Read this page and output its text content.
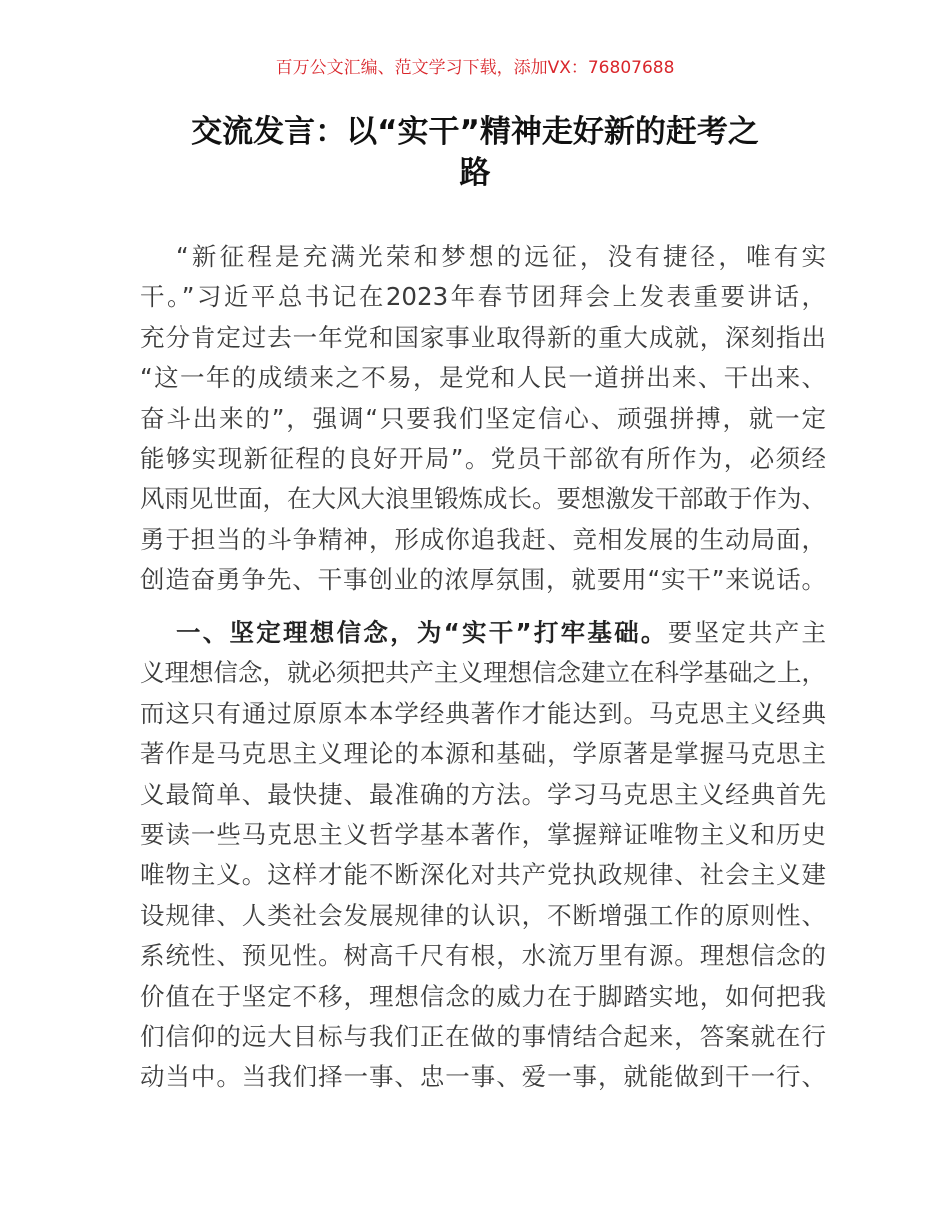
百万公文汇编、范文学习下载，添加VX：76807688
交流发言：以“实干”精神走好新的赶考之
路
“新征程是充满光荣和梦想的远征，没有捷径，唯有实
干。”习近平总书记在2023年春节团拜会上发表重要讲话，
充分肯定过去一年党和国家事业取得新的重大成就，深刻指出
“这一年的成绩来之不易，是党和人民一道拼出来、干出来、
奋斗出来的”，强调“只要我们坚定信心、顽强拼搏，就一定
能够实现新征程的良好开局”。党员干部欲有所作为，必须经
风雨见世面，在大风大浪里锻炼成长。要想激发干部敢于作为、
勇于担当的斗争精神，形成你追我赶、竞相发展的生动局面，
创造奋勇争先、干事创业的浓厚氛围，就要用“实干”来说话。
一、坚定理想信念，为“实干”打牢基础。要坚定共产主
义理想信念，就必须把共产主义理想信念建立在科学基础之上，
而这只有通过原原本本学经典著作才能达到。马克思主义经典
著作是马克思主义理论的本源和基础，学原著是掌握马克思主
义最简单、最快捷、最准确的方法。学习马克思主义经典首先
要读一些马克思主义哲学基本著作，掌握辩证唯物主义和历史
唯物主义。这样才能不断深化对共产党执政规律、社会主义建
设规律、人类社会发展规律的认识，不断增强工作的原则性、
系统性、预见性。树高千尺有根，水流万里有源。理想信念的
价值在于坚定不移，理想信念的威力在于脚踏实地，如何把我
们信仰的远大目标与我们正在做的事情结合起来，答案就在行
动当中。当我们择一事、忠一事、爱一事，就能做到干一行、
